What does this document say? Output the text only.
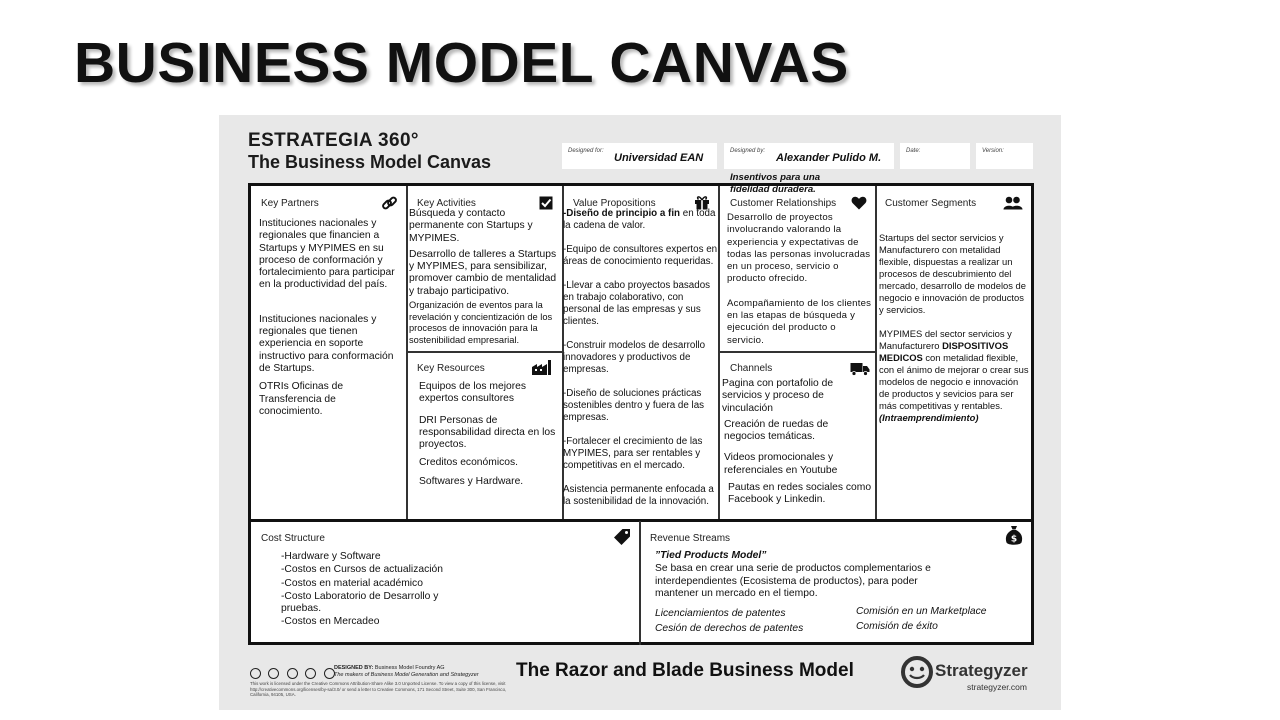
BUSINESS MODEL CANVAS
ESTRATEGIA 360°
The Business Model Canvas
Designed for:
Universidad EAN
Designed by:
Alexander Pulido M.
Date:	Version:
Key Partners

Instituciones nacionales y regionales que financien a Startups y MYPIMES en su proceso de conformación y fortalecimiento para participar en la productividad del país.

Instituciones nacionales y regionales que tienen experiencia en soporte instructivo para conformación de Startups.

OTRIs Oficinas de Transferencia de conocimiento.

Key Activities

Búsqueda y contacto permanente con Startups y MYPIMES.

Desarrollo de talleres a Startups y MYPIMES, para sensibilizar, promover cambio de mentalidad y trabajo participativo.

Organización de eventos para la revelación y concientización de los procesos de innovación para la sostenibilidad empresarial.

Key Resources

Equipos de los mejores expertos consultores

DRI Personas de responsabilidad directa en los proyectos.

Creditos económicos.

Softwares y Hardware.

Value Propositions

-Diseño de principio a fin en toda la cadena de valor.

-Equipo de consultores expertos en áreas de conocimiento requeridas.

-Llevar a cabo proyectos basados en trabajo colaborativo, con personal de las empresas y sus clientes.

-Construir modelos de desarrollo innovadores y productivos de empresas.

-Diseño de soluciones prácticas sostenibles dentro y fuera de las empresas.

-Fortalecer el crecimiento de las MYPIMES, para ser rentables y competitivas en el mercado.

Asistencia permanente enfocada a la sostenibilidad de la innovación.

Insentivos para una fidelidad duradera.
Customer Relationships

Desarrollo de proyectos involucrando valorando la experiencia y expectativas de todas las personas involucradas en un proceso, servicio o producto ofrecido.

Acompañamiento de los clientes en las etapas de búsqueda y ejecución del producto o servicio.

Channels

Pagina con portafolio de servicios y proceso de vinculación

Creación de ruedas de negocios temáticas.

Videos promocionales y referenciales en Youtube

Pautas en redes sociales como Facebook y Linkedin.

Customer Segments

Startups del sector servicios y Manufacturero con metalidad flexible, dispuestas a realizar un procesos de descubrimiento del mercado, desarrollo de modelos de negocio e innovación de productos y servicios.

MYPIMES del sector servicios y Manufacturero DISPOSITIVOS MEDICOS con metalidad flexible, con el ánimo de mejorar o crear sus modelos de negocio e innovación de productos y sevicios para ser más competitivas y rentables.

(Intraemprendimiento)

Cost Structure

-Hardware y Software

-Costos en Cursos de actualización

-Costos en material académico

-Costo Laboratorio de Desarrollo y pruebas.

-Costos en Mercadeo

Revenue Streams	$

”Tied Products Model”

Se basa en crear una serie de productos complementarios e interdependientes (Ecosistema de productos), para poder mantener un mercado en el tiempo.

Licenciamientos de patentes

Cesión de derechos de patentes

Comisión en un Marketplace

Comisión de éxito

DESIGNED BY: Business Model Foundry AG
The makers of Business Model Generation and Strategyzer
This work is licensed under the Creative Commons Attribution-Share Alike 3.0 Unported License. To view a copy of this license, visit http://creativecommons.org/licenses/by-sa/3.0/ or send a letter to Creative Commons, 171 Second Street, Suite 300, San Francisco, California, 94105, USA.
The Razor and Blade Business Model	Strategyzer
strategyzer.com
